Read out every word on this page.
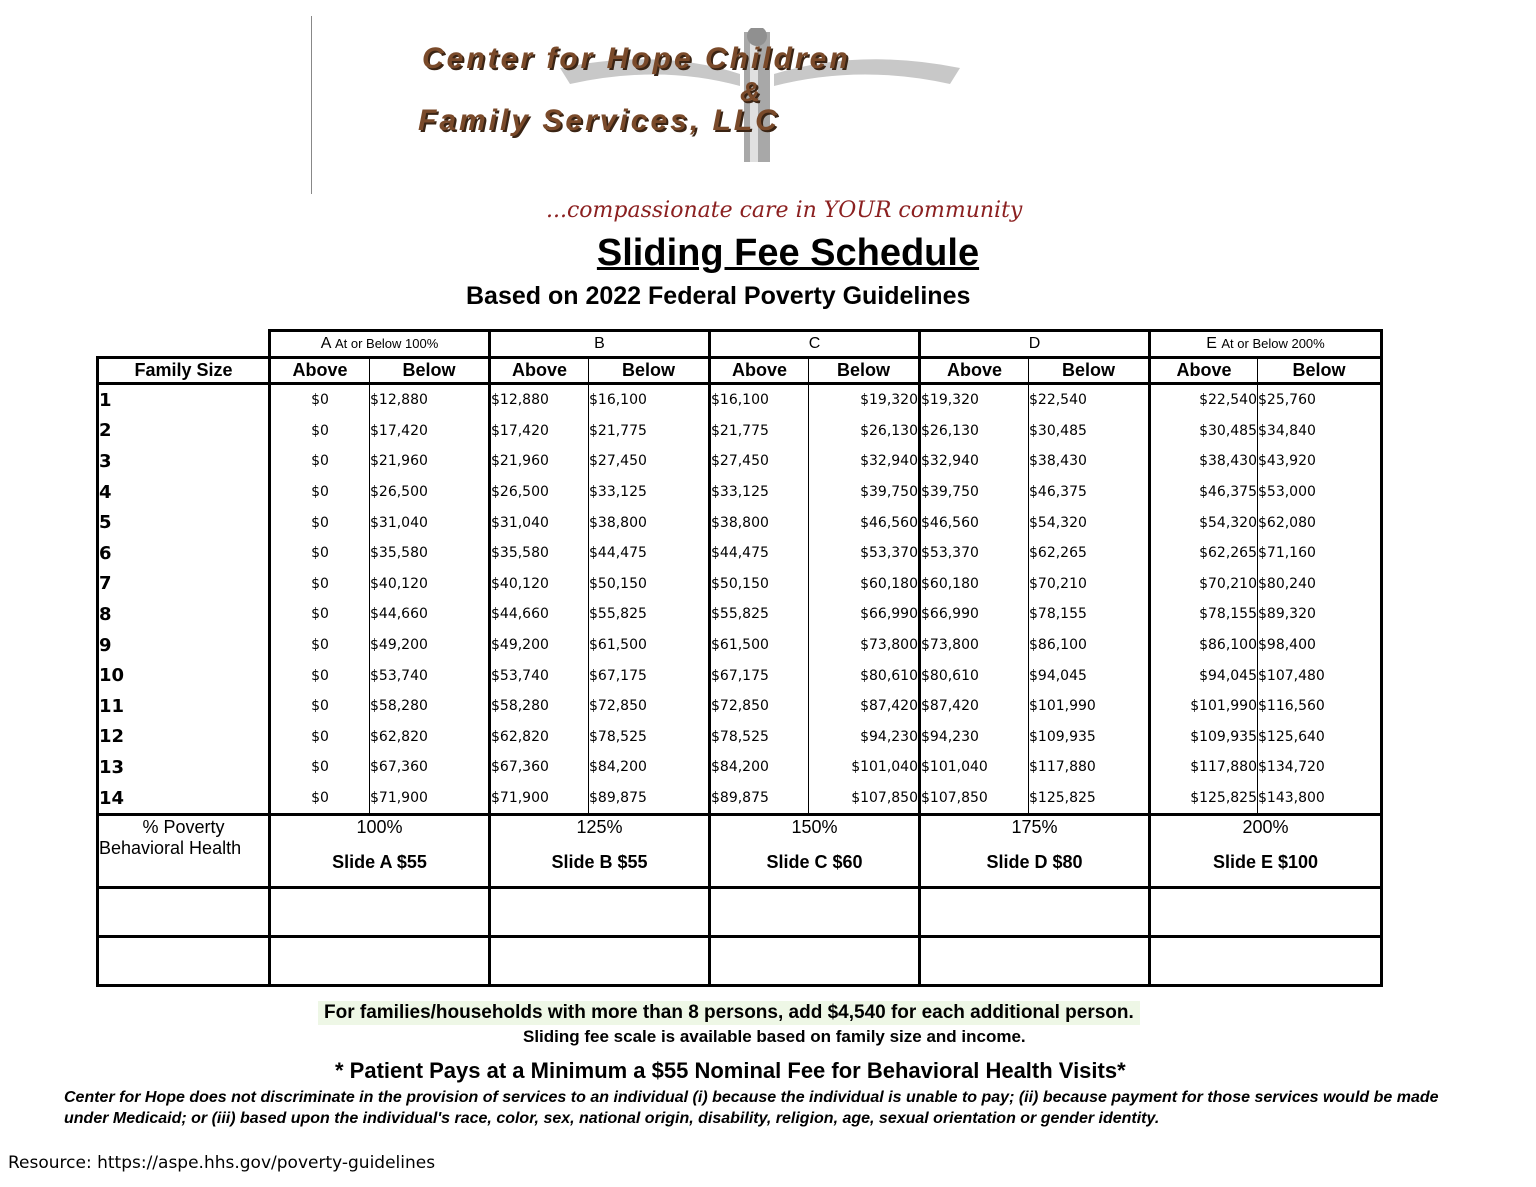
Center for Hope Children
&
Family Services, LLC
...compassionate care in YOUR community
Sliding Fee Schedule
Based on 2022 Federal Poverty Guidelines
	A At or Below 100%		B		C		D		E At or Below 200%	
Family Size	Above	Below	Above	Below	Above	Below	Above	Below	Above	Below
1	$0	$12,880	$12,880	$16,100	$16,100	$19,320	$19,320	$22,540	$22,540	$25,760
2	$0	$17,420	$17,420	$21,775	$21,775	$26,130	$26,130	$30,485	$30,485	$34,840
3	$0	$21,960	$21,960	$27,450	$27,450	$32,940	$32,940	$38,430	$38,430	$43,920
4	$0	$26,500	$26,500	$33,125	$33,125	$39,750	$39,750	$46,375	$46,375	$53,000
5	$0	$31,040	$31,040	$38,800	$38,800	$46,560	$46,560	$54,320	$54,320	$62,080
6	$0	$35,580	$35,580	$44,475	$44,475	$53,370	$53,370	$62,265	$62,265	$71,160
7	$0	$40,120	$40,120	$50,150	$50,150	$60,180	$60,180	$70,210	$70,210	$80,240
8	$0	$44,660	$44,660	$55,825	$55,825	$66,990	$66,990	$78,155	$78,155	$89,320
9	$0	$49,200	$49,200	$61,500	$61,500	$73,800	$73,800	$86,100	$86,100	$98,400
10	$0	$53,740	$53,740	$67,175	$67,175	$80,610	$80,610	$94,045	$94,045	$107,480
11	$0	$58,280	$58,280	$72,850	$72,850	$87,420	$87,420	$101,990	$101,990	$116,560
12	$0	$62,820	$62,820	$78,525	$78,525	$94,230	$94,230	$109,935	$109,935	$125,640
13	$0	$67,360	$67,360	$84,200	$84,200	$101,040	$101,040	$117,880	$117,880	$134,720
14	$0	$71,900	$71,900	$89,875	$89,875	$107,850	$107,850	$125,825	$125,825	$143,800
% Poverty	100%		125%		150%		175%		200%	
Behavioral Health	Slide A $55		Slide B $55		Slide C $60		Slide D $80		Slide E $100	

For families/households with more than 8 persons, add $4,540 for each additional person.
Sliding fee scale is available based on family size and income.
* Patient Pays at a Minimum a $55 Nominal Fee for Behavioral Health Visits*
Center for Hope does not discriminate in the provision of services to an individual (i) because the individual is unable to pay; (ii) because payment for those services would be made under Medicaid; or (iii) based upon the individual's race, color, sex, national origin, disability, religion, age, sexual orientation or gender identity.
Resource: https://aspe.hhs.gov/poverty-guidelines
